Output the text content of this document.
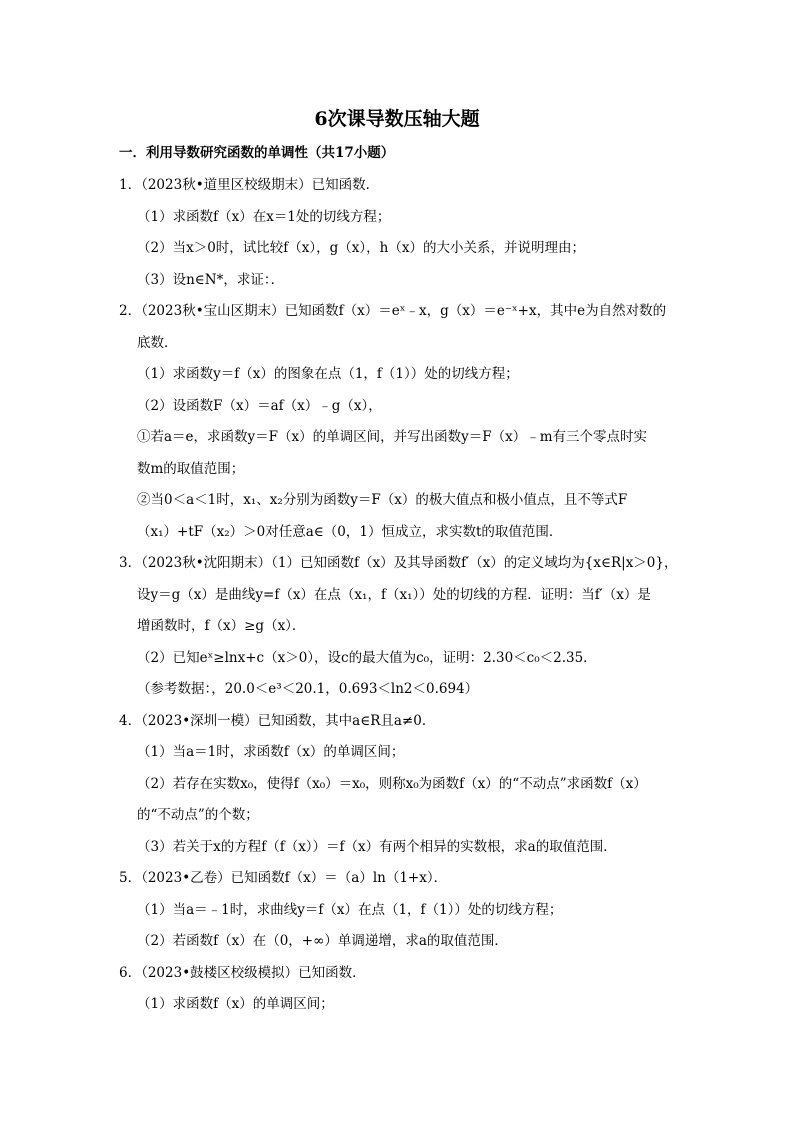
6次课导数压轴大题
一．利用导数研究函数的单调性（共17小题）
1．（2023秋•道里区校级期末）已知函数．
（1）求函数f（x）在x＝1处的切线方程；
（2）当x＞0时，试比较f（x），g（x），h（x）的大小关系，并说明理由；
（3）设n∈N*，求证：．
2．（2023秋•宝山区期末）已知函数f（x）＝eˣ﹣x，g（x）＝e⁻ˣ+x，其中e为自然对数的
底数．
（1）求函数y＝f（x）的图象在点（1，f（1））处的切线方程；
（2）设函数F（x）＝af（x）﹣g（x），
①若a＝e，求函数y＝F（x）的单调区间，并写出函数y＝F（x）﹣m有三个零点时实
数m的取值范围；
②当0＜a＜1时，x₁、x₂分别为函数y＝F（x）的极大值点和极小值点，且不等式F
（x₁）+tF（x₂）＞0对任意a∈（0，1）恒成立，求实数t的取值范围．
3．（2023秋•沈阳期末）（1）已知函数f（x）及其导函数f′（x）的定义域均为{x∈R|x＞0}，
设y＝g（x）是曲线y=f（x）在点（x₁，f（x₁））处的切线的方程．证明：当f′（x）是
增函数时，f（x）≥g（x）．
（2）已知eˣ≥lnx+c（x＞0），设c的最大值为c₀，证明：2.30＜c₀＜2.35．
（参考数据：，20.0＜e³＜20.1，0.693＜ln2＜0.694）
4．（2023•深圳一模）已知函数，其中a∈R且a≠0．
（1）当a＝1时，求函数f（x）的单调区间；
（2）若存在实数x₀，使得f（x₀）＝x₀，则称x₀为函数f（x）的“不动点”求函数f（x）
的“不动点”的个数；
（3）若关于x的方程f（f（x））＝f（x）有两个相异的实数根，求a的取值范围．
5．（2023•乙卷）已知函数f（x）＝（a）ln（1+x）．
（1）当a＝﹣1时，求曲线y＝f（x）在点（1，f（1））处的切线方程；
（2）若函数f（x）在（0，+∞）单调递增，求a的取值范围．
6．（2023•鼓楼区校级模拟）已知函数．
（1）求函数f（x）的单调区间；
